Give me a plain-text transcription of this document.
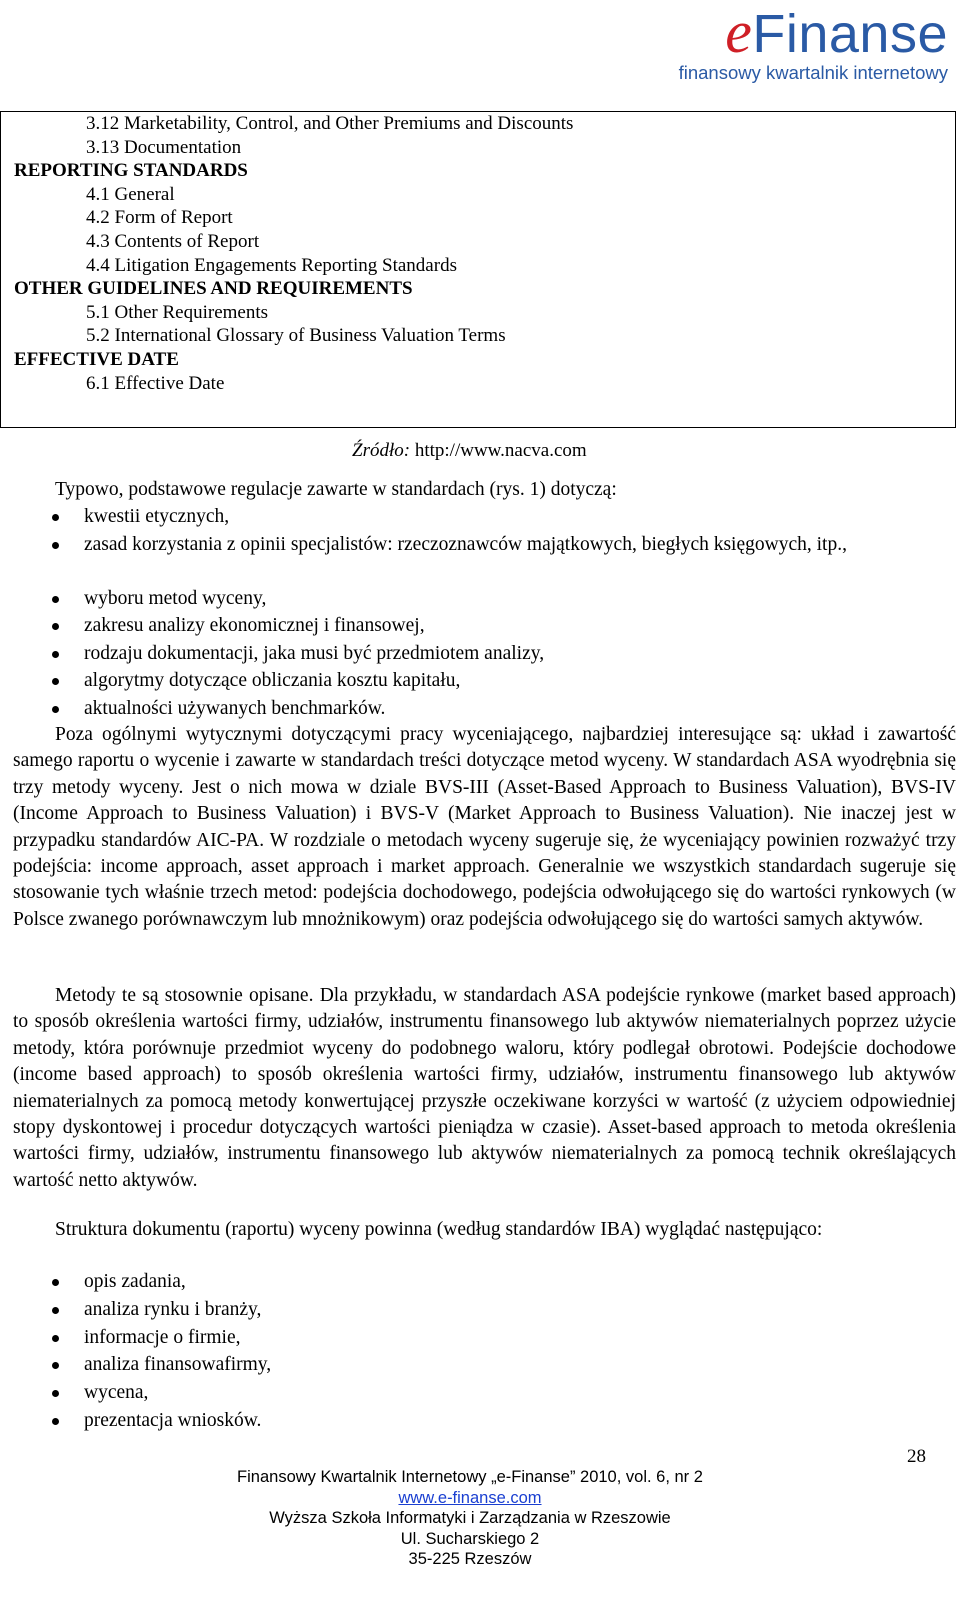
eFinanse
finansowy kwartalnik internetowy
3.12 Marketability, Control, and Other Premiums and Discounts
3.13 Documentation
REPORTING STANDARDS
4.1 General
4.2 Form of Report
4.3 Contents of Report
4.4 Litigation Engagements Reporting Standards
OTHER GUIDELINES AND REQUIREMENTS
5.1 Other Requirements
5.2 International Glossary of Business Valuation Terms
EFFECTIVE DATE
6.1 Effective Date
Źródło: http://www.nacva.com
Typowo, podstawowe regulacje zawarte w standardach (rys. 1) dotyczą:
kwestii etycznych,
zasad korzystania z opinii specjalistów: rzeczoznawców majątkowych, biegłych księgowych, itp.,
wyboru metod wyceny,
zakresu analizy ekonomicznej i finansowej,
rodzaju dokumentacji, jaka musi być przedmiotem analizy,
algorytmy dotyczące obliczania kosztu kapitału,
aktualności używanych benchmarków.
Poza ogólnymi wytycznymi dotyczącymi pracy wyceniającego, najbardziej interesujące są: układ i zawartość samego raportu o wycenie i zawarte w standardach treści dotyczące metod wyceny. W standardach ASA wyodrębnia się trzy metody wyceny. Jest o nich mowa w dziale BVS-III (Asset-Based Approach to Business Valuation), BVS-IV (Income Approach to Business Valuation) i BVS-V (Market Approach to Business Valuation). Nie inaczej jest w przypadku standardów AIC-PA. W rozdziale o metodach wyceny sugeruje się, że wyceniający powinien rozważyć trzy podejścia: income approach, asset approach i market approach. Generalnie we wszystkich standardach sugeruje się stosowanie tych właśnie trzech metod: podejścia dochodowego, podejścia odwołującego się do wartości rynkowych (w Polsce zwanego porównawczym lub mnożnikowym) oraz podejścia odwołującego się do wartości samych aktywów.
Metody te są stosownie opisane. Dla przykładu, w standardach ASA podejście rynkowe (market based approach) to sposób określenia wartości firmy, udziałów, instrumentu finansowego lub aktywów niematerialnych poprzez użycie metody, która porównuje przedmiot wyceny do podobnego waloru, który podlegał obrotowi. Podejście dochodowe (income based approach) to sposób określenia wartości firmy, udziałów, instrumentu finansowego lub aktywów niematerialnych za pomocą metody konwertującej przyszłe oczekiwane korzyści w wartość (z użyciem odpowiedniej stopy dyskontowej i procedur dotyczących wartości pieniądza w czasie). Asset-based approach to metoda określenia wartości firmy, udziałów, instrumentu finansowego lub aktywów niematerialnych za pomocą technik określających wartość netto aktywów.
Struktura dokumentu (raportu) wyceny powinna (według standardów IBA) wyglądać następująco:
opis zadania,
analiza rynku i branży,
informacje o firmie,
analiza finansowafirmy,
wycena,
prezentacja wniosków.
28
Finansowy Kwartalnik Internetowy „e-Finanse” 2010, vol. 6, nr 2
www.e-finanse.com
Wyższa Szkoła Informatyki i Zarządzania w Rzeszowie
Ul. Sucharskiego 2
35-225 Rzeszów
